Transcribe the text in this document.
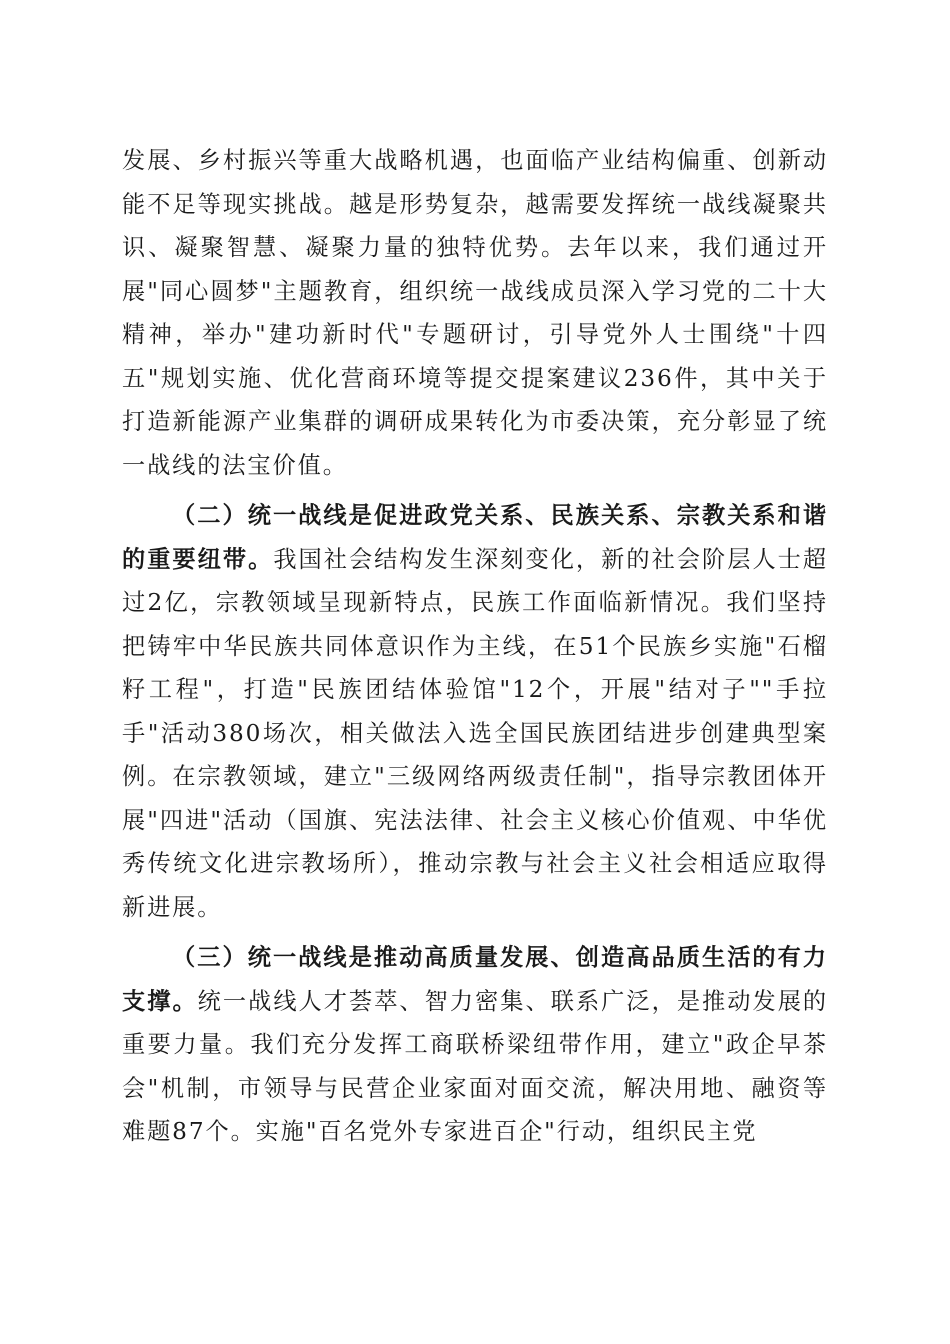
发展、乡村振兴等重大战略机遇，也面临产业结构偏重、创新动能不足等现实挑战。越是形势复杂，越需要发挥统一战线凝聚共识、凝聚智慧、凝聚力量的独特优势。去年以来，我们通过开展"同心圆梦"主题教育，组织统一战线成员深入学习党的二十大精神，举办"建功新时代"专题研讨，引导党外人士围绕"十四五"规划实施、优化营商环境等提交提案建议236件，其中关于打造新能源产业集群的调研成果转化为市委决策，充分彰显了统一战线的法宝价值。

（二）统一战线是促进政党关系、民族关系、宗教关系和谐的重要纽带。我国社会结构发生深刻变化，新的社会阶层人士超过2亿，宗教领域呈现新特点，民族工作面临新情况。我们坚持把铸牢中华民族共同体意识作为主线，在51个民族乡实施"石榴籽工程"，打造"民族团结体验馆"12个，开展"结对子""手拉手"活动380场次，相关做法入选全国民族团结进步创建典型案例。在宗教领域，建立"三级网络两级责任制"，指导宗教团体开展"四进"活动（国旗、宪法法律、社会主义核心价值观、中华优秀传统文化进宗教场所），推动宗教与社会主义社会相适应取得新进展。

（三）统一战线是推动高质量发展、创造高品质生活的有力支撑。统一战线人才荟萃、智力密集、联系广泛，是推动发展的重要力量。我们充分发挥工商联桥梁纽带作用，建立"政企早茶会"机制，市领导与民营企业家面对面交流，解决用地、融资等难题87个。实施"百名党外专家进百企"行动，组织民主党
